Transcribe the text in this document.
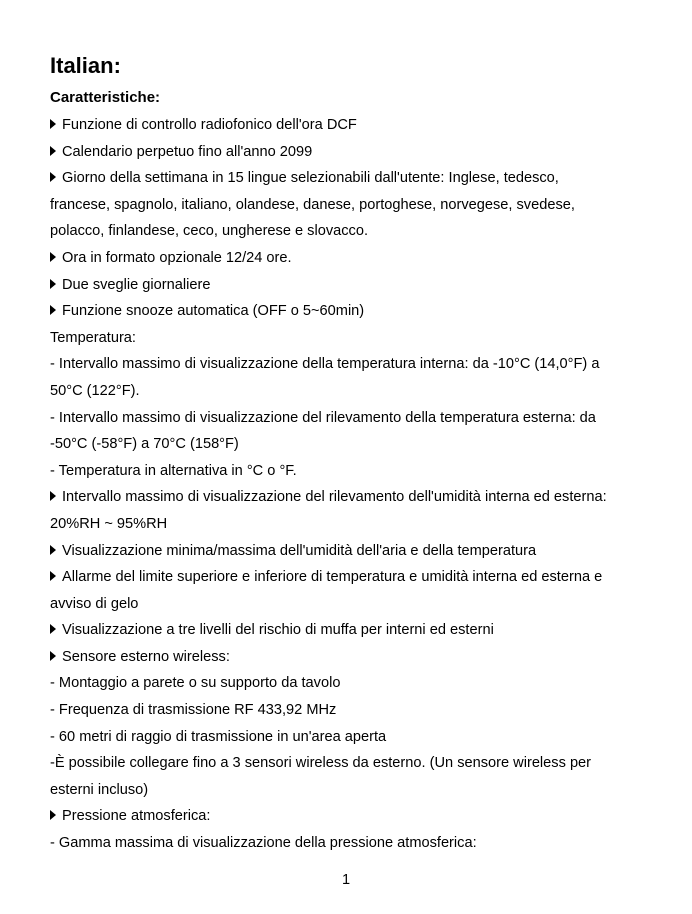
Italian:
Caratteristiche:
Funzione di controllo radiofonico dell'ora DCF
Calendario perpetuo fino all'anno 2099
Giorno della settimana in 15 lingue selezionabili dall'utente: Inglese, tedesco,
francese, spagnolo, italiano, olandese, danese, portoghese, norvegese, svedese,
polacco, finlandese, ceco, ungherese e slovacco.
Ora in formato opzionale 12/24 ore.
Due sveglie giornaliere
Funzione snooze automatica (OFF o 5~60min)
Temperatura:
- Intervallo massimo di visualizzazione della temperatura interna: da -10°C (14,0°F) a
50°C (122°F).
- Intervallo massimo di visualizzazione del rilevamento della temperatura esterna: da
-50°C (-58°F) a 70°C (158°F)
- Temperatura in alternativa in °C o °F.
Intervallo massimo di visualizzazione del rilevamento dell'umidità interna ed esterna:
20%RH ~ 95%RH
Visualizzazione minima/massima dell'umidità dell'aria e della temperatura
Allarme del limite superiore e inferiore di temperatura e umidità interna ed esterna e
avviso di gelo
Visualizzazione a tre livelli del rischio di muffa per interni ed esterni
Sensore esterno wireless:
- Montaggio a parete o su supporto da tavolo
- Frequenza di trasmissione RF 433,92 MHz
- 60 metri di raggio di trasmissione in un'area aperta
-È possibile collegare fino a 3 sensori wireless da esterno. (Un sensore wireless per
esterni incluso)
Pressione atmosferica:
- Gamma massima di visualizzazione della pressione atmosferica:
1
